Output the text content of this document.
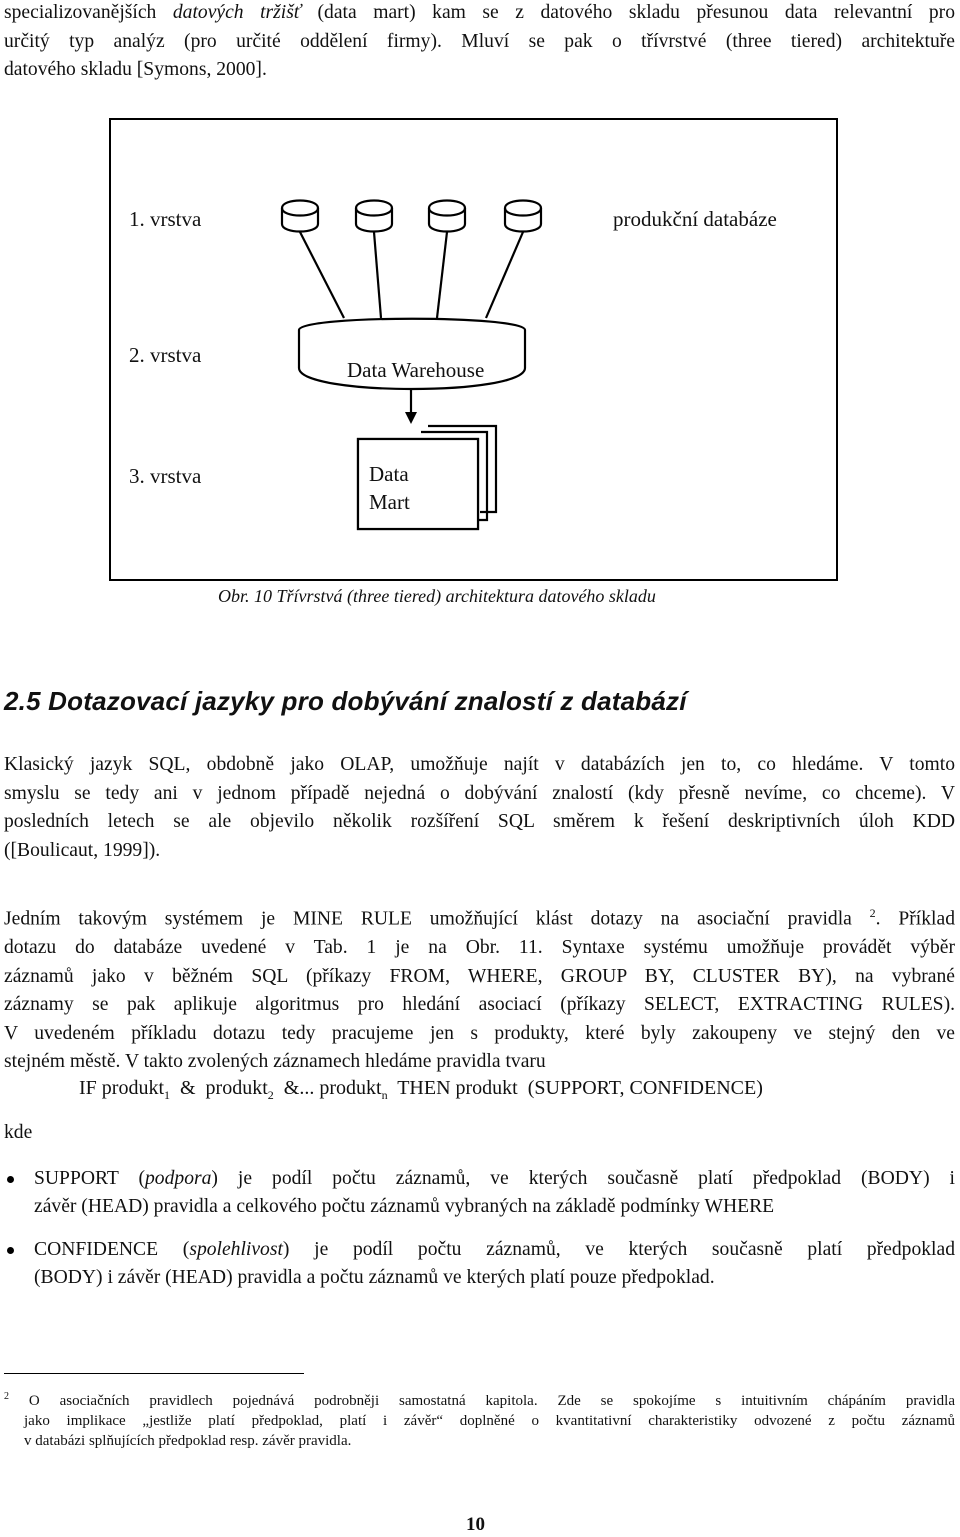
specializovanějších datových tržišť (data mart) kam se z datového skladu přesunou data relevantní pro
určitý typ analýz (pro určité oddělení firmy). Mluví se pak o třívrstvé (three tiered) architektuře
datového skladu [Symons, 2000].
1. vrstva	produkční databáze
2. vrstva
Data Warehouse
3. vrstva	Data
Mart
Obr. 10 Třívrstvá (three tiered) architektura datového skladu
2.5 Dotazovací jazyky pro dobývání znalostí z databází
Klasický jazyk SQL, obdobně jako OLAP, umožňuje najít v databázích jen to, co hledáme. V tomto
smyslu se tedy ani v jednom případě nejedná o dobývání znalostí (kdy přesně nevíme, co chceme). V
posledních letech se ale objevilo několik rozšíření SQL směrem k řešení deskriptivních úloh KDD
([Boulicaut, 1999]).
Jedním takovým systémem je MINE RULE umožňující klást dotazy na asociační pravidla $^2$. Příklad
dotazu do databáze uvedené v Tab. 1 je na Obr. 11. Syntaxe systému umožňuje provádět výběr
záznamů jako v běžném SQL (příkazy FROM, WHERE, GROUP BY, CLUSTER BY), na vybrané
záznamy se pak aplikuje algoritmus pro hledání asociací (příkazy SELECT, EXTRACTING RULES).
V uvedeném příkladu dotazu tedy pracujeme jen s produkty, které byly zakoupeny ve stejný den ve
stejném městě. V takto zvolených záznamech hledáme pravidla tvaru
IF produkt$_1$  &  produkt$_2$  &... produkt$_n$  THEN produkt  (SUPPORT, CONFIDENCE)
kde
SUPPORT (podpora) je podíl počtu záznamů, ve kterých současně platí předpoklad (BODY) i
závěr (HEAD) pravidla a celkového počtu záznamů vybraných na základě podmínky WHERE
CONFIDENCE (spolehlivost) je podíl počtu záznamů, ve kterých současně platí předpoklad
(BODY) i závěr (HEAD) pravidla a počtu záznamů ve kterých platí pouze předpoklad.
$^2$ O asociačních pravidlech pojednává podrobněji samostatná kapitola. Zde se spokojíme s intuitivním chápáním pravidla
jako implikace „jestliže platí předpoklad, platí i závěr“ doplněné o kvantitativní charakteristiky odvozené z počtu záznamů
v databázi splňujících předpoklad resp. závěr pravidla.
10
